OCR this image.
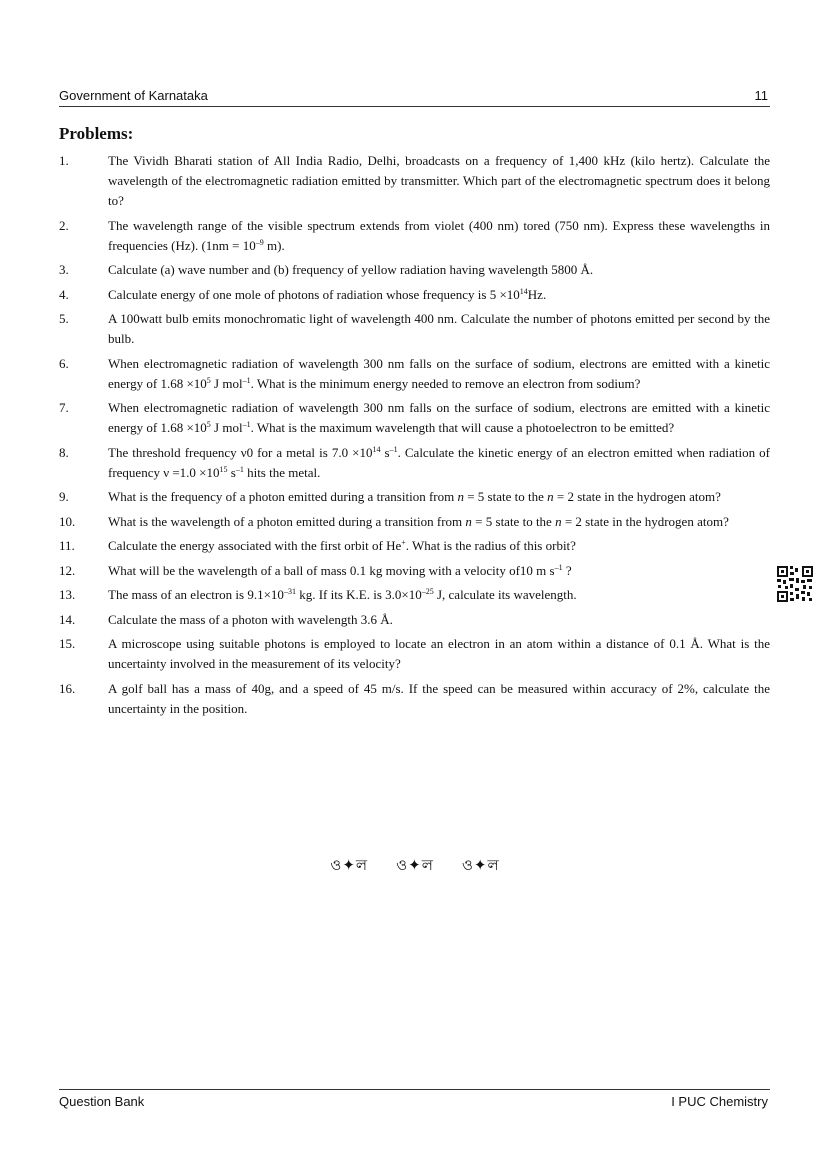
Government of Karnataka	11
Problems:
1.	The Vividh Bharati station of All India Radio, Delhi, broadcasts on a frequency of 1,400 kHz (kilo hertz). Calculate the wavelength of the electromagnetic radiation emitted by transmitter. Which part of the electromagnetic spectrum does it belong to?
2.	The wavelength range of the visible spectrum extends from violet (400 nm) tored (750 nm). Express these wavelengths in frequencies (Hz). ($1nm = 10^{-9}$ m).
3.	Calculate (a) wave number and (b) frequency of yellow radiation having wavelength 5800 Å.
4.	Calculate energy of one mole of photons of radiation whose frequency is $5 \times 10^{14}Hz$.
5.	A 100watt bulb emits monochromatic light of wavelength 400 nm. Calculate the number of photons emitted per second by the bulb.
6.	When electromagnetic radiation of wavelength 300 nm falls on the surface of sodium, electrons are emitted with a kinetic energy of $1.68 \times 10^5$ J mol$^{-1}$. What is the minimum energy needed to remove an electron from sodium?
7.	When electromagnetic radiation of wavelength 300 nm falls on the surface of sodium, electrons are emitted with a kinetic energy of $1.68 \times 10^5$ J mol$^{-1}$. What is the maximum wavelength that will cause a photoelectron to be emitted?
8.	The threshold frequency ν0 for a metal is $7.0 \times 10^{14}$ $s^{-1}$. Calculate the kinetic energy of an electron emitted when radiation of frequency $\nu =1.0 \times 10^{15}$ $s^{-1}$ hits the metal.
9.	What is the frequency of a photon emitted during a transition from n = 5 state to the n = 2 state in the hydrogen atom?
10.	What is the wavelength of a photon emitted during a transition from n = 5 state to the n = 2 state in the hydrogen atom?
11.	Calculate the energy associated with the first orbit of He+. What is the radius of this orbit?
12.	What will be the wavelength of a ball of mass 0.1 kg moving with a velocity of10 m $s^{-1}$ ?
13.	The mass of an electron is $9.1\times 10^{-31}$ kg. If its K.E. is $3.0\times 10^{-25}$ J, calculate its wavelength.
14.	Calculate the mass of a photon with wavelength 3.6 Å.
15.	A microscope using suitable photons is employed to locate an electron in an atom within a distance of 0.1 Å. What is the uncertainty involved in the measurement of its velocity?
16.	A golf ball has a mass of 40g, and a speed of 45 m/s. If the speed can be measured within accuracy of 2%, calculate the uncertainty in the position.
ও✦ল ও✦ল ও✦ল
Question Bank	I PUC Chemistry
